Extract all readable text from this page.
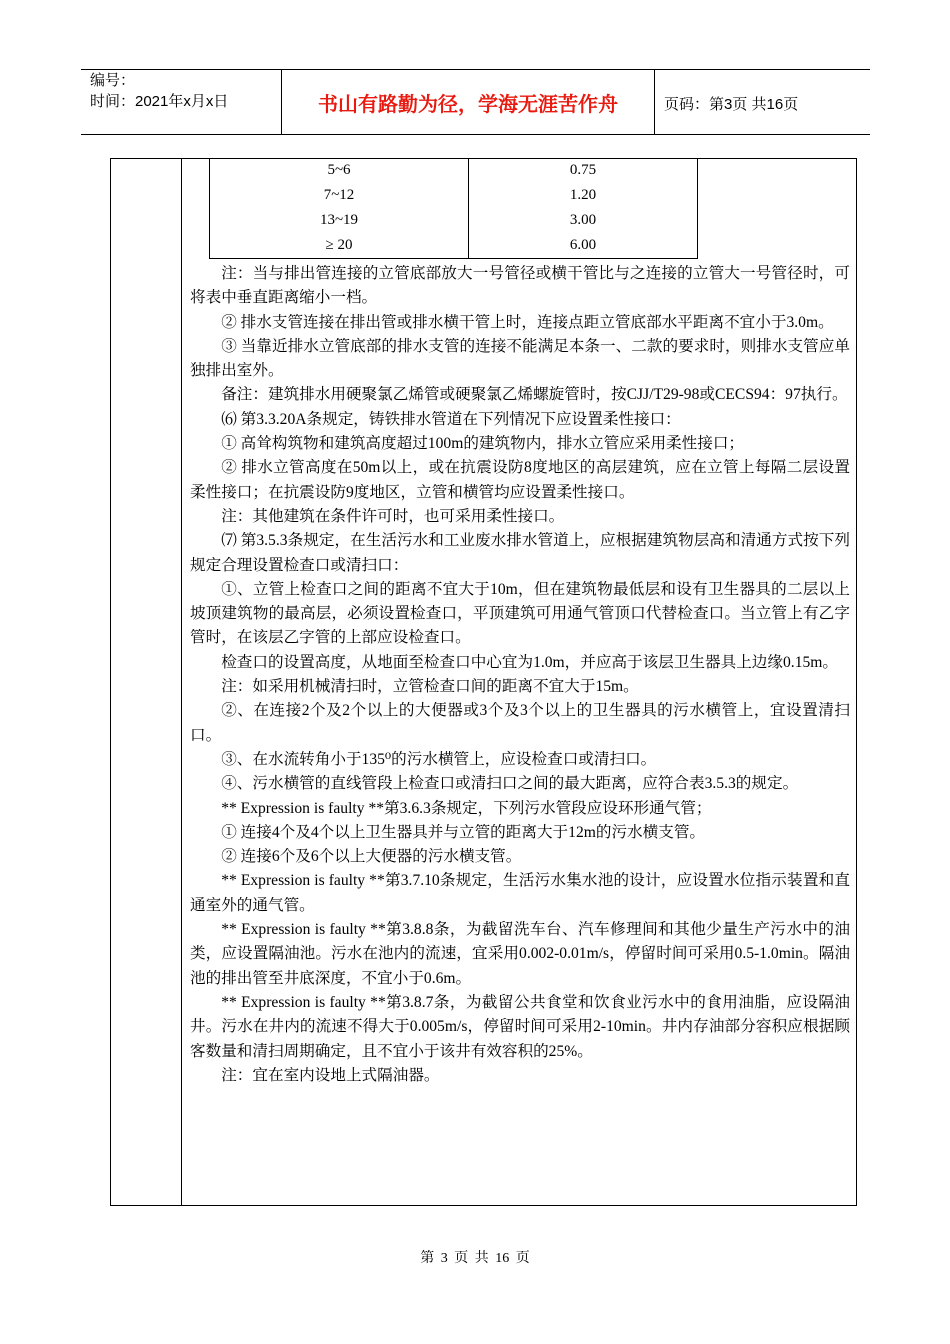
编号：
时间：2021年x月x日	书山有路勤为径，学海无涯苦作舟	页码：第3页 共16页
5~6	0.75
7~12	1.20
13~19	3.00
≥ 20	6.00

注：当与排出管连接的立管底部放大一号管径或横干管比与之连接的立管大一号管径时，可将表中垂直距离缩小一档。

② 排水支管连接在排出管或排水横干管上时，连接点距立管底部水平距离不宜小于3.0m。

③ 当靠近排水立管底部的排水支管的连接不能满足本条一、二款的要求时，则排水支管应单独排出室外。

备注：建筑排水用硬聚氯乙烯管或硬聚氯乙烯螺旋管时，按CJJ/T29-98或CECS94：97执行。

⑹ 第3.3.20A条规定，铸铁排水管道在下列情况下应设置柔性接口：

① 高耸构筑物和建筑高度超过100m的建筑物内，排水立管应采用柔性接口；

② 排水立管高度在50m以上，或在抗震设防8度地区的高层建筑，应在立管上每隔二层设置柔性接口；在抗震设防9度地区，立管和横管均应设置柔性接口。

注：其他建筑在条件许可时，也可采用柔性接口。

⑺ 第3.5.3条规定，在生活污水和工业废水排水管道上，应根据建筑物层高和清通方式按下列规定合理设置检查口或清扫口：

①、立管上检查口之间的距离不宜大于10m，但在建筑物最低层和设有卫生器具的二层以上坡顶建筑物的最高层，必须设置检查口，平顶建筑可用通气管顶口代替检查口。当立管上有乙字管时，在该层乙字管的上部应设检查口。

检查口的设置高度，从地面至检查口中心宜为1.0m，并应高于该层卫生器具上边缘0.15m。

注：如采用机械清扫时，立管检查口间的距离不宜大于15m。

②、在连接2个及2个以上的大便器或3个及3个以上的卫生器具的污水横管上，宜设置清扫口。

③、在水流转角小于135⁰的污水横管上，应设检查口或清扫口。

④、污水横管的直线管段上检查口或清扫口之间的最大距离，应符合表3.5.3的规定。

** Expression is faulty **第3.6.3条规定，下列污水管段应设环形通气管；

① 连接4个及4个以上卫生器具并与立管的距离大于12m的污水横支管。

② 连接6个及6个以上大便器的污水横支管。

** Expression is faulty **第3.7.10条规定，生活污水集水池的设计，应设置水位指示装置和直通室外的通气管。

** Expression is faulty **第3.8.8条，为截留洗车台、汽车修理间和其他少量生产污水中的油类，应设置隔油池。污水在池内的流速，宜采用0.002-0.01m/s，停留时间可采用0.5-1.0min。隔油池的排出管至井底深度，不宜小于0.6m。

** Expression is faulty **第3.8.7条，为截留公共食堂和饮食业污水中的食用油脂，应设隔油井。污水在井内的流速不得大于0.005m/s，停留时间可采用2-10min。井内存油部分容积应根据顾客数量和清扫周期确定，且不宜小于该井有效容积的25%。

注：宜在室内设地上式隔油器。

第 3 页 共 16 页
